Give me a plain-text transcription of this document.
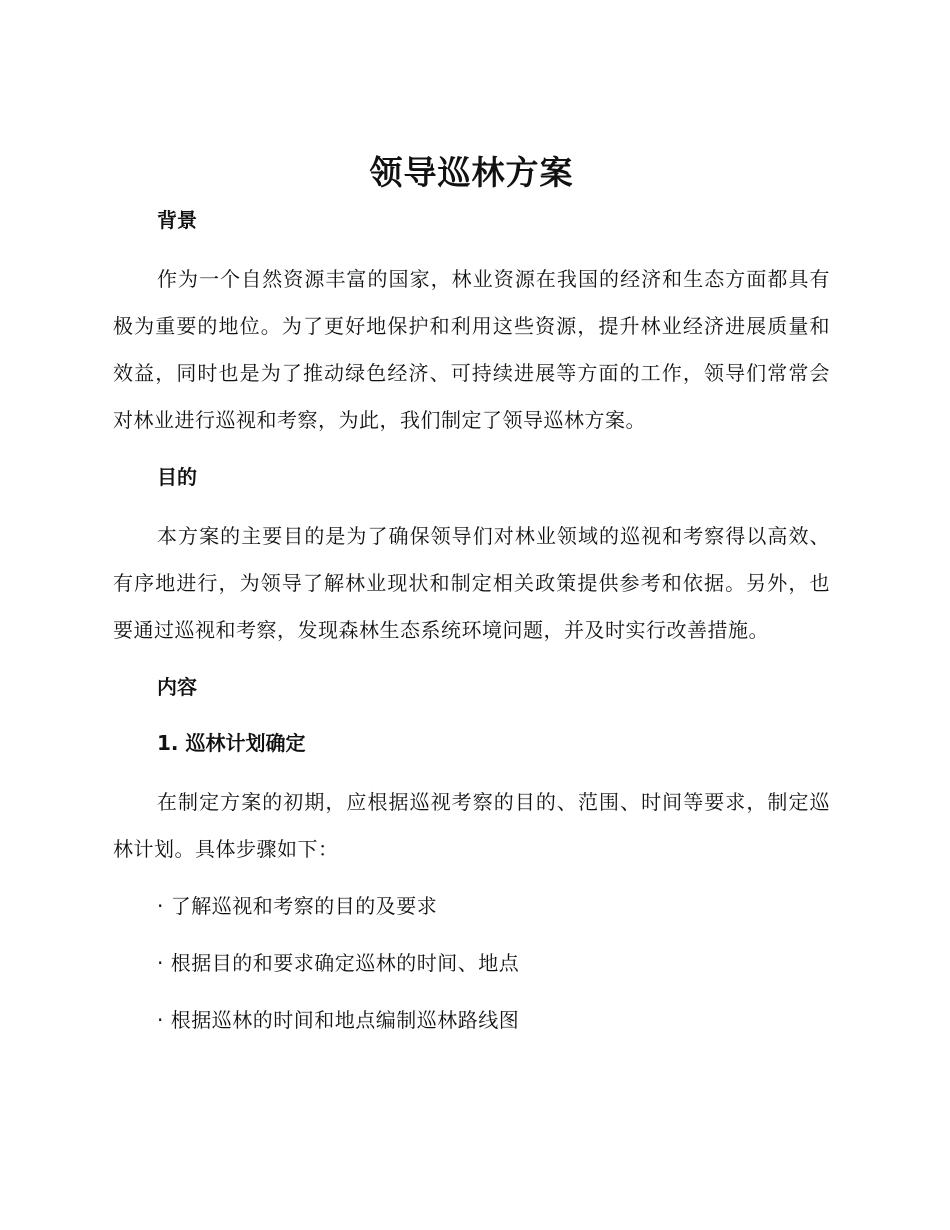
领导巡林方案
背景

作为一个自然资源丰富的国家，林业资源在我国的经济和生态方面都具有极为重要的地位。为了更好地保护和利用这些资源，提升林业经济进展质量和效益，同时也是为了推动绿色经济、可持续进展等方面的工作，领导们常常会对林业进行巡视和考察，为此，我们制定了领导巡林方案。

目的

本方案的主要目的是为了确保领导们对林业领域的巡视和考察得以高效、有序地进行，为领导了解林业现状和制定相关政策提供参考和依据。另外，也要通过巡视和考察，发现森林生态系统环境问题，并及时实行改善措施。

内容
1. 巡林计划确定

在制定方案的初期，应根据巡视考察的目的、范围、时间等要求，制定巡林计划。具体步骤如下：

· 了解巡视和考察的目的及要求
· 根据目的和要求确定巡林的时间、地点
· 根据巡林的时间和地点编制巡林路线图
